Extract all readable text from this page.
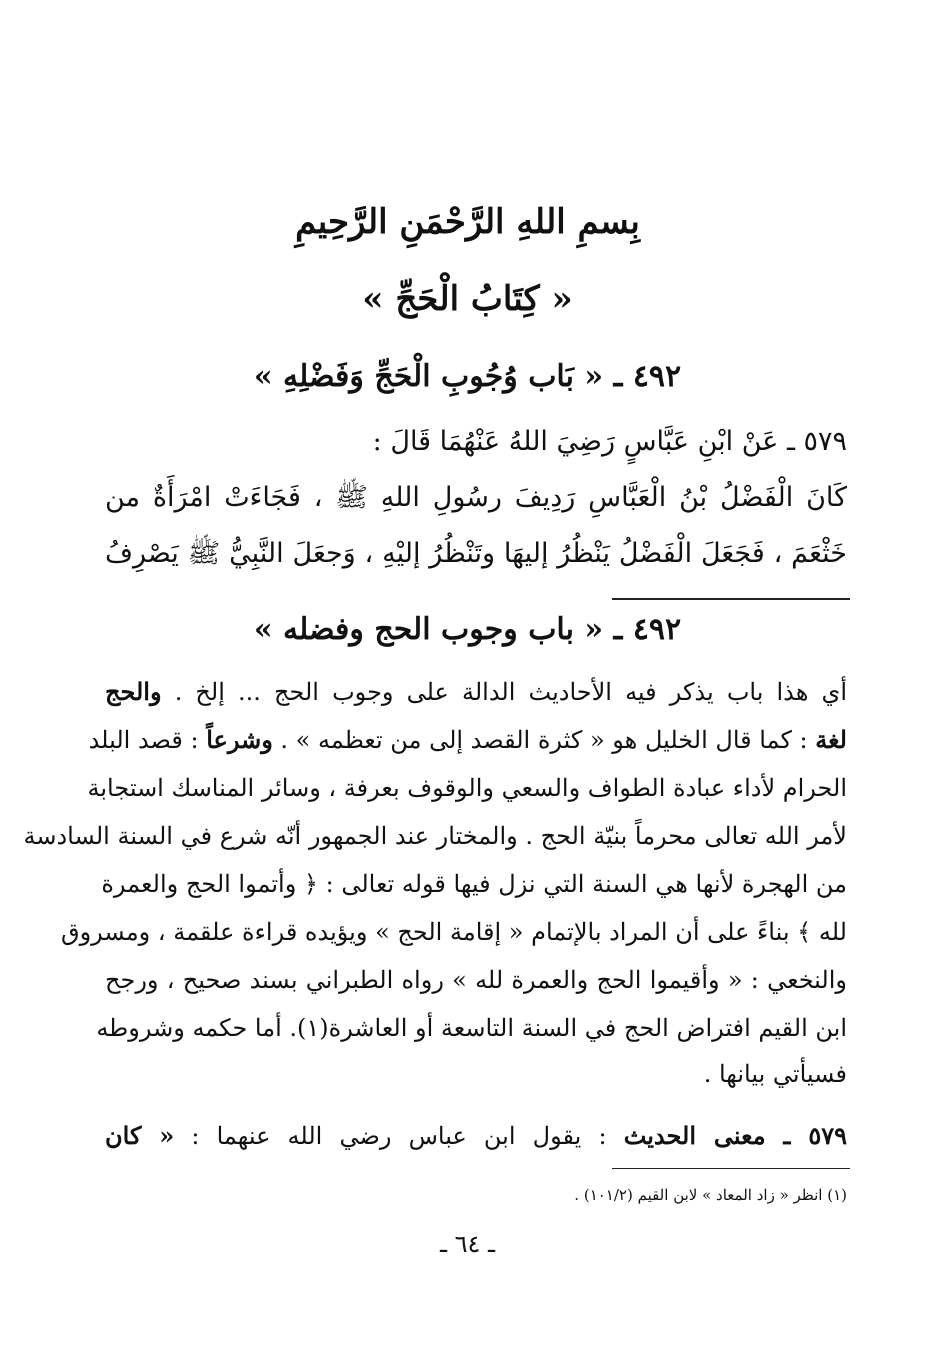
بِسمِ اللهِ الرَّحْمَنِ الرَّحِيمِ
« كِتَابُ الْحَجِّ »
٤٩٢ ـ « بَاب وُجُوبِ الْحَجِّ وَفَضْلِهِ »
٥٧٩ ـ عَنْ ابْنِ عَبَّاسٍ رَضِيَ اللهُ عَنْهُمَا قَالَ :
كَانَ الْفَضْلُ بْنُ الْعَبَّاسِ رَدِيفَ رسُولِ اللهِ ﷺ ، فَجَاءَتْ امْرَأَةٌ من
خَثْعَمَ ، فَجَعَلَ الْفَضْلُ يَنْظُرُ إليهَا وتَنْظُرُ إليْهِ ، وَجعَلَ النَّبِيُّ ﷺ يَصْرِفُ
٤٩٢ ـ « باب وجوب الحج وفضله »
أي هذا باب يذكر فيه الأحاديث الدالة على وجوب الحج ... إلخ . والحج
لغة : كما قال الخليل هو « كثرة القصد إلى من تعظمه » . وشرعاً : قصد البلد
الحرام لأداء عبادة الطواف والسعي والوقوف بعرفة ، وسائر المناسك استجابة
لأمر الله تعالى محرماً بنيّة الحج . والمختار عند الجمهور أنّه شرع في السنة السادسة
من الهجرة لأنها هي السنة التي نزل فيها قوله تعالى : ﴿ وأتموا الحج والعمرة
لله ﴾ بناءً على أن المراد بالإتمام « إقامة الحج » ويؤيده قراءة علقمة ، ومسروق
والنخعي : « وأقيموا الحج والعمرة لله » رواه الطبراني بسند صحيح ، ورجح
ابن القيم افتراض الحج في السنة التاسعة أو العاشرة(١). أما حكمه وشروطه
فسيأتي بيانها .
٥٧٩ ـ معنى الحديث : يقول ابن عباس رضي الله عنهما : « كان
(١) انظر « زاد المعاد » لابن القيم (١٠١/٢) .
ـ ٦٤ ـ
